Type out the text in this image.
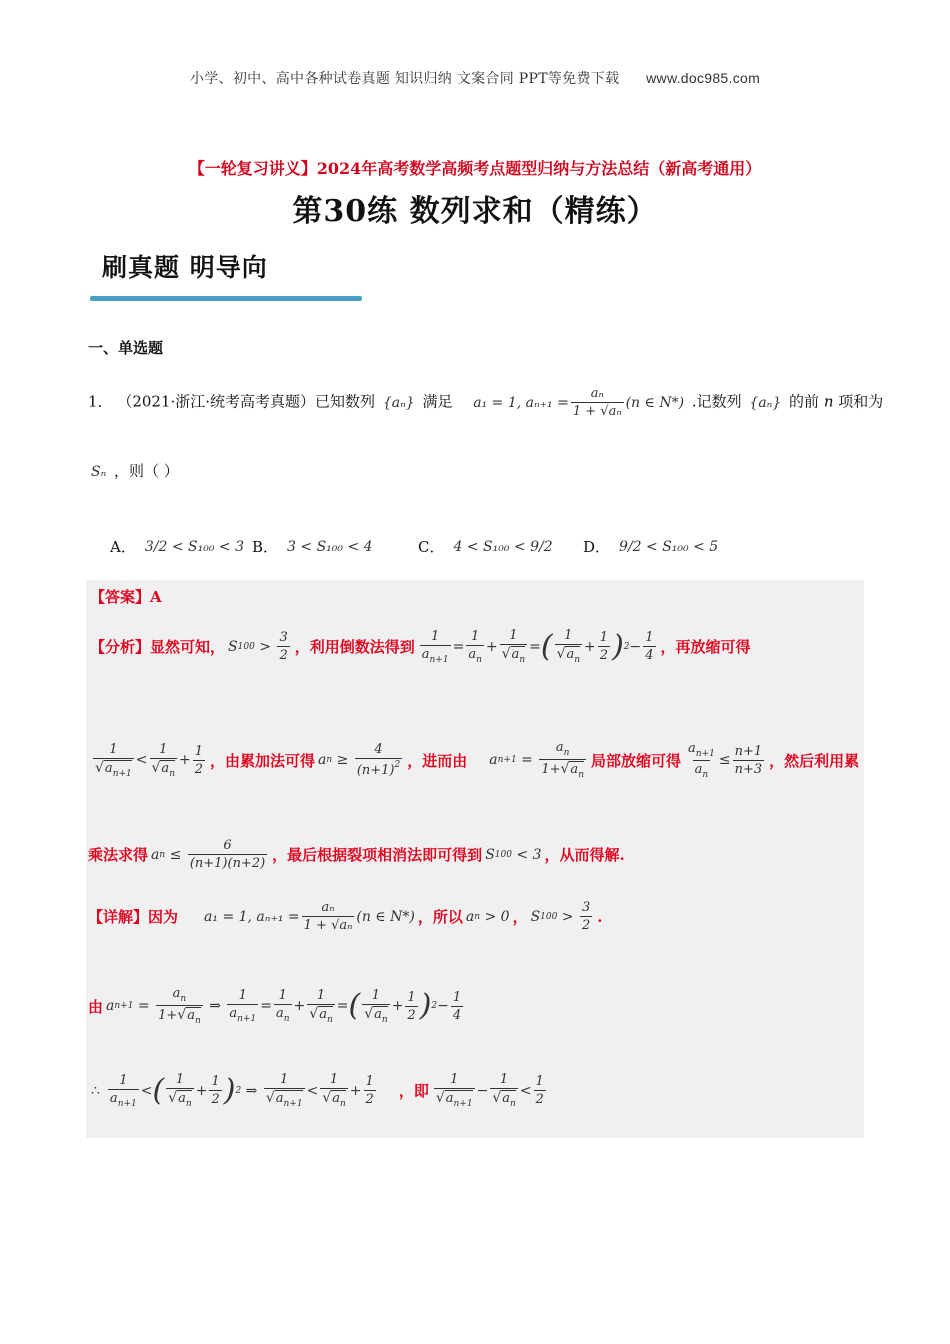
小学、初中、高中各种试卷真题 知识归纳 文案合同 PPT等免费下载 www.doc985.com
【一轮复习讲义】2024年高考数学高频考点题型归纳与方法总结（新高考通用）
第30练 数列求和（精练）
刷真题 明导向
一、单选题
1． （2021·浙江·统考高考真题）已知数列 {aₙ} 满足 a₁ = 1, $a_{n+1} = \frac{\text{aₙ}}{\text{1 + √aₙ}} (n$ ∈ N*) .记数列 {aₙ} 的前 n 项和为
Sₙ ，则（ ）
A． 3/2 < S₁₀₀ < 3 B． 3 < S₁₀₀ < 4	C． 4 < S₁₀₀ < 9/2 D． 9/2 < S₁₀₀ < 5
【答案】 A
【分析】 显然可知， S $100 > \frac{3}{2}$ ，利用倒数法得到 $\frac{1}{a_{n+1}} = \frac{1}{a_n} + \frac{1}{√a_n}$ = ( $\frac{1}{√a_n} + \frac{1}{2}$ ) $2 - \frac{1}{4}$ ，再放缩可得
$\frac{1}{√a_{n+1}} < \frac{1}{√a_n} + \frac{1}{2}$ ，由累加法可得 a $n \ge \frac{4}{(n+1)^2}$ ，进而由 a $n+1 = \frac{a_n}{1+√a_n}$ 局部放缩可得 $\frac{a_{n+1}}{a_n} \le \frac{n+1}{n+3}$ ，然后利用累
乘法求得 a $n \le \frac{6}{(n+1)(n+2)}$ ，最后根据裂项相消法即可得到 S 100 < 3 ，从而得解.
【详解】 因为 a₁ = 1, $a_{n+1} = \frac{\text{aₙ}}{\text{1 + √aₙ}} (n$ ∈ N*) ，所以 a n > 0 ， S $100 > \frac{3}{2}$ .
由 a $n+1 = \frac{a_n}{1+√a_n}$ ⇒ $\frac{1}{a_{n+1}} = \frac{1}{a_n} + \frac{1}{√a_n}$ = ( $\frac{1}{√a_n} + \frac{1}{2}$ ) $2 - \frac{1}{4}$
∴ $\frac{1}{a_{n+1}}$ < ( $\frac{1}{√a_n} + \frac{1}{2}$ ) 2 ⇒ $\frac{1}{√a_{n+1}} < \frac{1}{√a_n} + \frac{1}{2}$ ，即 $\frac{1}{√a_{n+1}} - \frac{1}{√a_n} < \frac{1}{2}$
